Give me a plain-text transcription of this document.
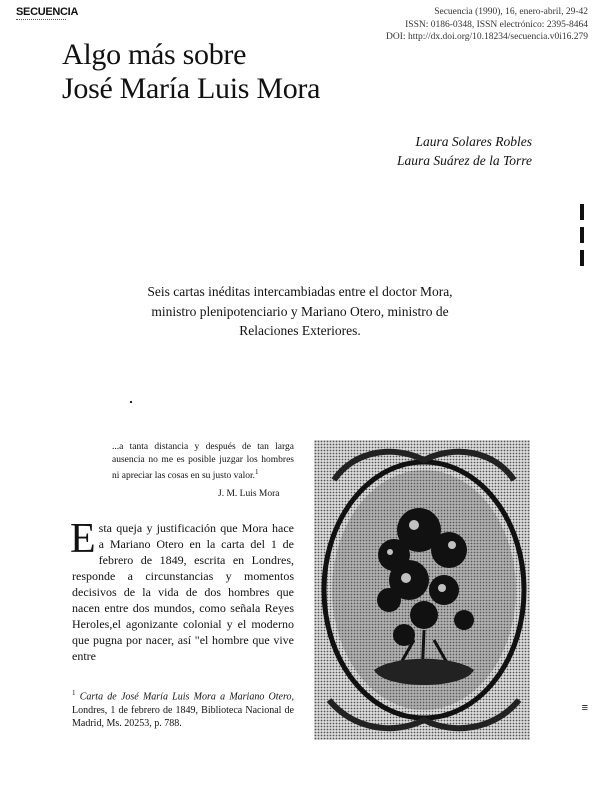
SECUENCIA	Secuencia (1990), 16, enero-abril, 29-42
ISSN: 0186-0348, ISSN electrónico: 2395-8464
DOI: http://dx.doi.org/10.18234/secuencia.v0i16.279
Algo más sobre
José María Luis Mora
Laura Solares Robles
Laura Suárez de la Torre
Seis cartas inéditas intercambiadas entre el doctor Mora,
ministro plenipotenciario y Mariano Otero, ministro de
Relaciones Exteriores.
...a tanta distancia y después de tan larga ausencia no me es posible juzgar los hombres ni apreciar las cosas en su justo valor.$^1$
J. M. Luis Mora

Esta queja y justificación que Mora hace a Mariano Otero en la carta del 1 de febrero de 1849, escrita en Londres, responde a circunstancias y momentos decisivos de la vida de dos hombres que nacen entre dos mundos, como señala Reyes Heroles,el agonizante colonial y el moderno que pugna por nacer, así "el hombre que vive entre

$^1$ Carta de José María Luis Mora a Mariano Otero, Londres, 1 de febrero de 1849, Biblioteca Nacional de Madrid, Ms. 20253, p. 788.
≡
